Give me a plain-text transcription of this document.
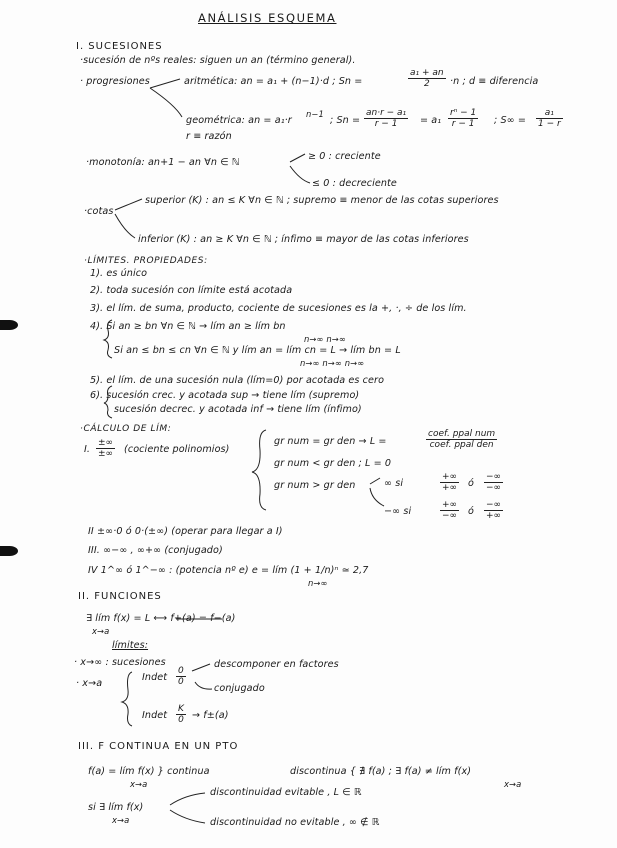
ANÁLISIS ESQUEMA
I. SUCESIONES
·sucesión de nºs reales: siguen un an (término general).
· progresiones	aritmética: an = a₁ + (n−1)·d ; Sn =	$\frac{\text{a₁ + an}}{2} \cdot n$ ; d ≡ diferencia
geométrica: an = a₁·r
n−1
; $Sn = \frac{\text{an·r − a₁}}{r - 1} = a_1 \frac{\text{rⁿ − 1}}{r - 1}$ ; $S\infty = \frac{\text{a₁}}{1 - r}$
r ≡ razón
·monotonía: an+1 − an ∀n ∈ ℕ
≥ 0 : creciente
≤ 0 : decreciente
·cotas
superior (K) : an ≤ K ∀n ∈ ℕ ; supremo ≡ menor de las cotas superiores
inferior (K) : an ≥ K ∀n ∈ ℕ ; ínfimo ≡ mayor de las cotas inferiores
·LÍMITES. PROPIEDADES:
1). es único
2). toda sucesión con límite está acotada
3). el lím. de suma, producto, cociente de sucesiones es la +, ·, ÷ de los lím.
4). Si an ≥ bn ∀n ∈ ℕ → lím an ≥ lím bn
n→∞ n→∞
Si an ≤ bn ≤ cn ∀n ∈ ℕ y lím an = lím cn = L → lím bn = L
n→∞ n→∞ n→∞
5). el lím. de una sucesión nula (lím=0) por acotada es cero
6). sucesión crec. y acotada sup → tiene lím (supremo)
sucesión decrec. y acotada inf → tiene lím (ínfimo)
·CÁLCULO DE LÍM:
I.
±∞
±∞ (cociente polinomios)
gr num = gr den → L =
coef. ppal num
coef. ppal den
gr num < gr den ; L = 0
gr num > gr den	∞ si
+∞
+∞ ó
−∞
−∞
−∞ si
+∞
−∞ ó
−∞
+∞
II ±∞·0 ó 0·(±∞) (operar para llegar a I)
III. ∞−∞ , ∞+∞ (conjugado)
IV 1^∞ ó 1^−∞ : (potencia nº e) e = lím (1 + 1/n)ⁿ ≃ 2,7
n→∞
II. FUNCIONES
∃ lím f(x) = L ⟷ f+(a) = f−(a)
x→a
límites:
· x→∞ : sucesiones
· x→a
Indet $\frac{0}{0}$
descomponer en factores
conjugado
Indet $\frac{K}{0} \to f\pm(a)$
III. F CONTINUA EN UN PTO
f(a) = lím f(x) } continua
x→a
discontinua { ∄ f(a) ; ∃ f(a) ≠ lím f(x)
x→a
si ∃ lím f(x)
x→a
discontinuidad evitable , L ∈ ℝ
discontinuidad no evitable , ∞ ∉ ℝ
